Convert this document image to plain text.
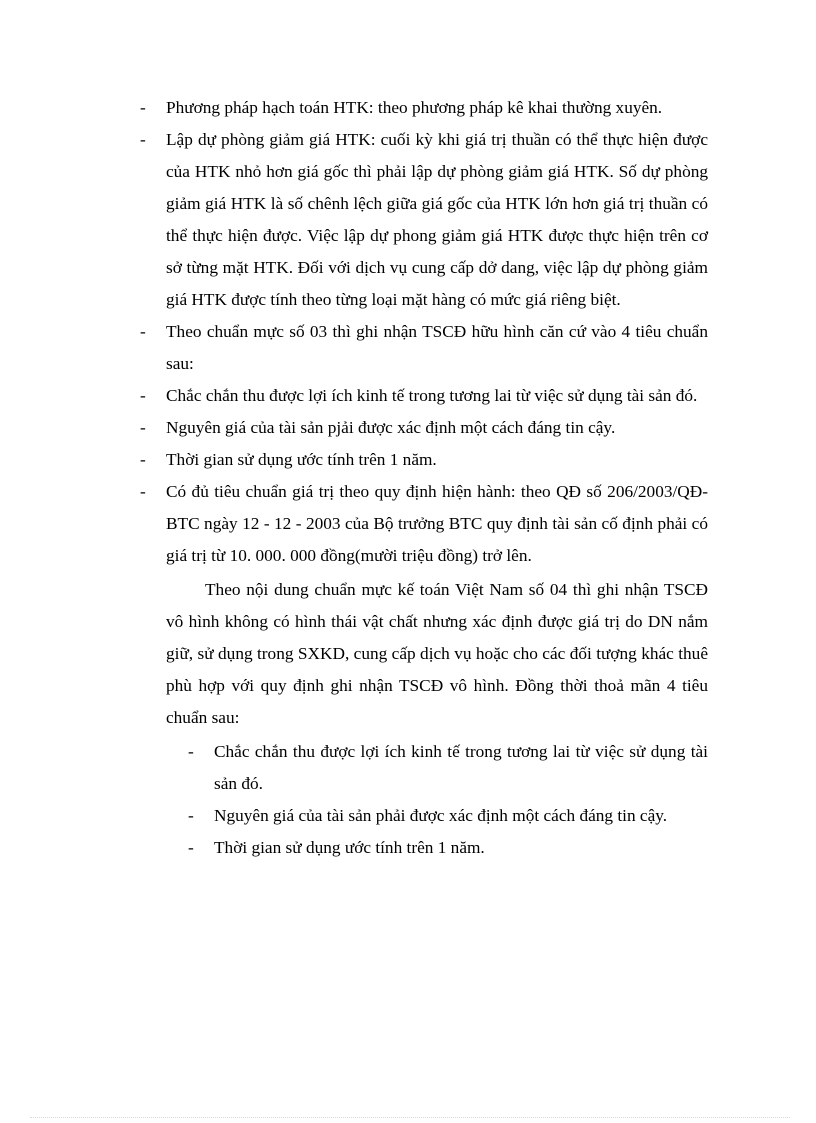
-	Phương pháp hạch toán HTK: theo phương pháp kê khai thường xuyên.
-	Lập dự phòng giảm giá HTK: cuối kỳ khi giá trị thuần có thể thực hiện được của HTK nhỏ hơn giá gốc thì phải lập dự phòng giảm giá HTK. Số dự phòng giảm giá HTK là số chênh lệch giữa giá gốc của HTK lớn hơn giá trị thuần có thể thực hiện được. Việc lập dự phong giảm giá HTK được thực hiện trên cơ sở từng mặt HTK. Đối với dịch vụ cung cấp dở dang, việc lập dự phòng giảm giá HTK được tính theo từng loại mặt hàng có mức giá riêng biệt.
-	Theo chuẩn mực số 03 thì ghi nhận TSCĐ hữu hình căn cứ vào 4 tiêu chuẩn sau:
-	Chắc chắn thu được lợi ích kinh tế trong tương lai từ việc sử dụng tài sản đó.
-	Nguyên giá của tài sản pjải được xác định một cách đáng tin cậy.
-	Thời gian sử dụng ước tính trên 1 năm.
-	Có đủ tiêu chuẩn giá trị theo quy định hiện hành: theo QĐ số 206/2003/QĐ- BTC ngày 12 - 12 - 2003 của Bộ trưởng BTC quy định tài sản cố định phải có giá trị từ 10. 000. 000 đồng(mười triệu đồng) trở lên.
Theo nội dung chuẩn mực kế toán Việt Nam số 04 thì ghi nhận TSCĐ vô hình không có hình thái vật chất nhưng xác định được giá trị do DN nắm giữ, sử dụng trong SXKD, cung cấp dịch vụ hoặc cho các đối tượng khác thuê phù hợp với quy định ghi nhận TSCĐ vô hình. Đồng thời thoả mãn 4 tiêu chuẩn sau:
-	Chắc chắn thu được lợi ích kinh tế trong tương lai từ việc sử dụng tài sản đó.
-	Nguyên giá của tài sản phải được xác định một cách đáng tin cậy.
-	Thời gian sử dụng ước tính trên 1 năm.
